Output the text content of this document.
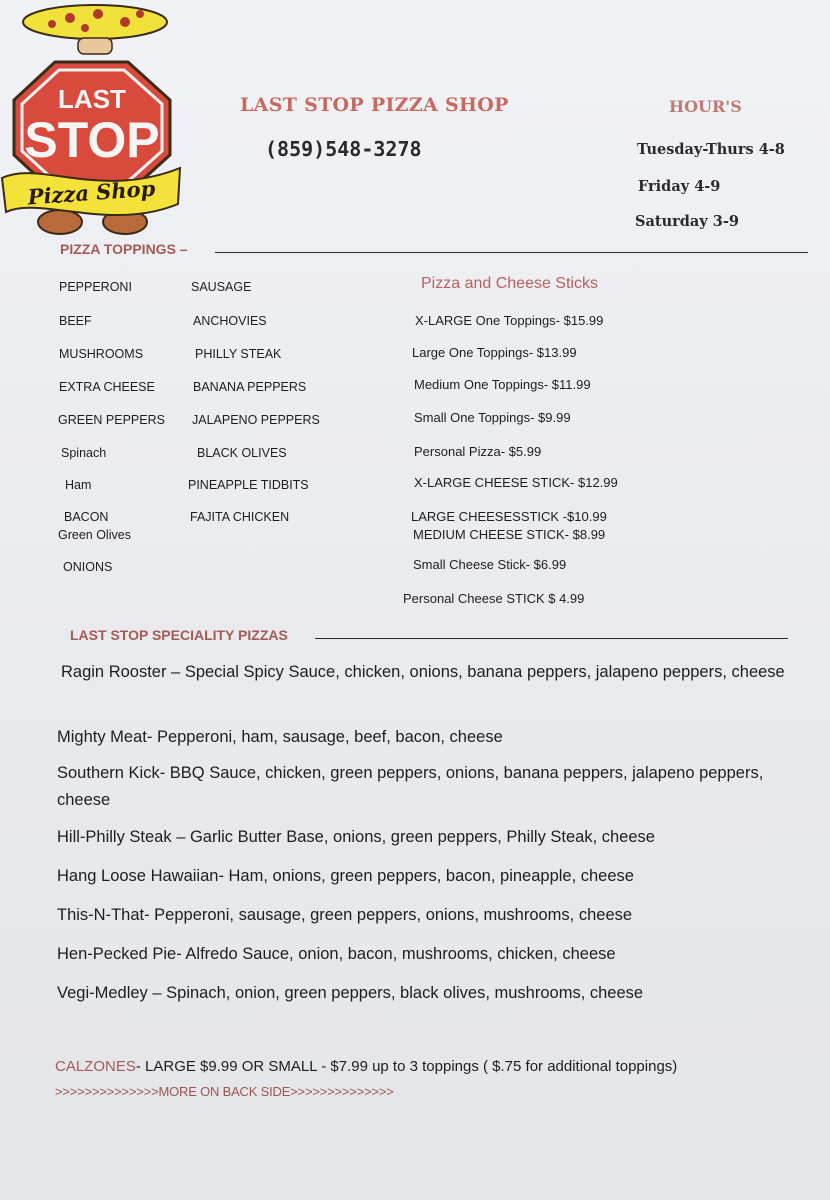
LAST
STOP
Pizza Shop
LAST STOP PIZZA SHOP
(859)548-3278
HOUR'S
Tuesday-Thurs 4-8
Friday 4-9
Saturday 3-9
PIZZA TOPPINGS –
PEPPERONI
BEEF
MUSHROOMS
EXTRA CHEESE
GREEN PEPPERS
Spinach
Ham
BACON
Green Olives
ONIONS
SAUSAGE
ANCHOVIES
PHILLY STEAK
BANANA PEPPERS
JALAPENO PEPPERS
BLACK OLIVES
PINEAPPLE TIDBITS
FAJITA CHICKEN
Pizza and Cheese Sticks
X-LARGE One Toppings- $15.99
Large One Toppings- $13.99
Medium One Toppings- $11.99
Small One Toppings- $9.99
Personal Pizza- $5.99
X-LARGE CHEESE STICK- $12.99
LARGE CHEESESSTICK -$10.99
MEDIUM CHEESE STICK- $8.99
Small Cheese Stick- $6.99
Personal Cheese STICK $ 4.99
LAST STOP SPECIALITY PIZZAS
Ragin Rooster – Special Spicy Sauce, chicken, onions, banana peppers, jalapeno peppers, cheese
Mighty Meat- Pepperoni, ham, sausage, beef, bacon, cheese
Southern Kick- BBQ Sauce, chicken, green peppers, onions, banana peppers, jalapeno peppers, cheese
Hill-Philly Steak – Garlic Butter Base, onions, green peppers, Philly Steak, cheese
Hang Loose Hawaiian- Ham, onions, green peppers, bacon, pineapple, cheese
This-N-That- Pepperoni, sausage, green peppers, onions, mushrooms, cheese
Hen-Pecked Pie- Alfredo Sauce, onion, bacon, mushrooms, chicken, cheese
Vegi-Medley – Spinach, onion, green peppers, black olives, mushrooms, cheese
CALZONES- LARGE $9.99 OR SMALL - $7.99 up to 3 toppings ( $.75 for additional toppings)
>>>>>>>>>>>>>>MORE ON BACK SIDE>>>>>>>>>>>>>>
